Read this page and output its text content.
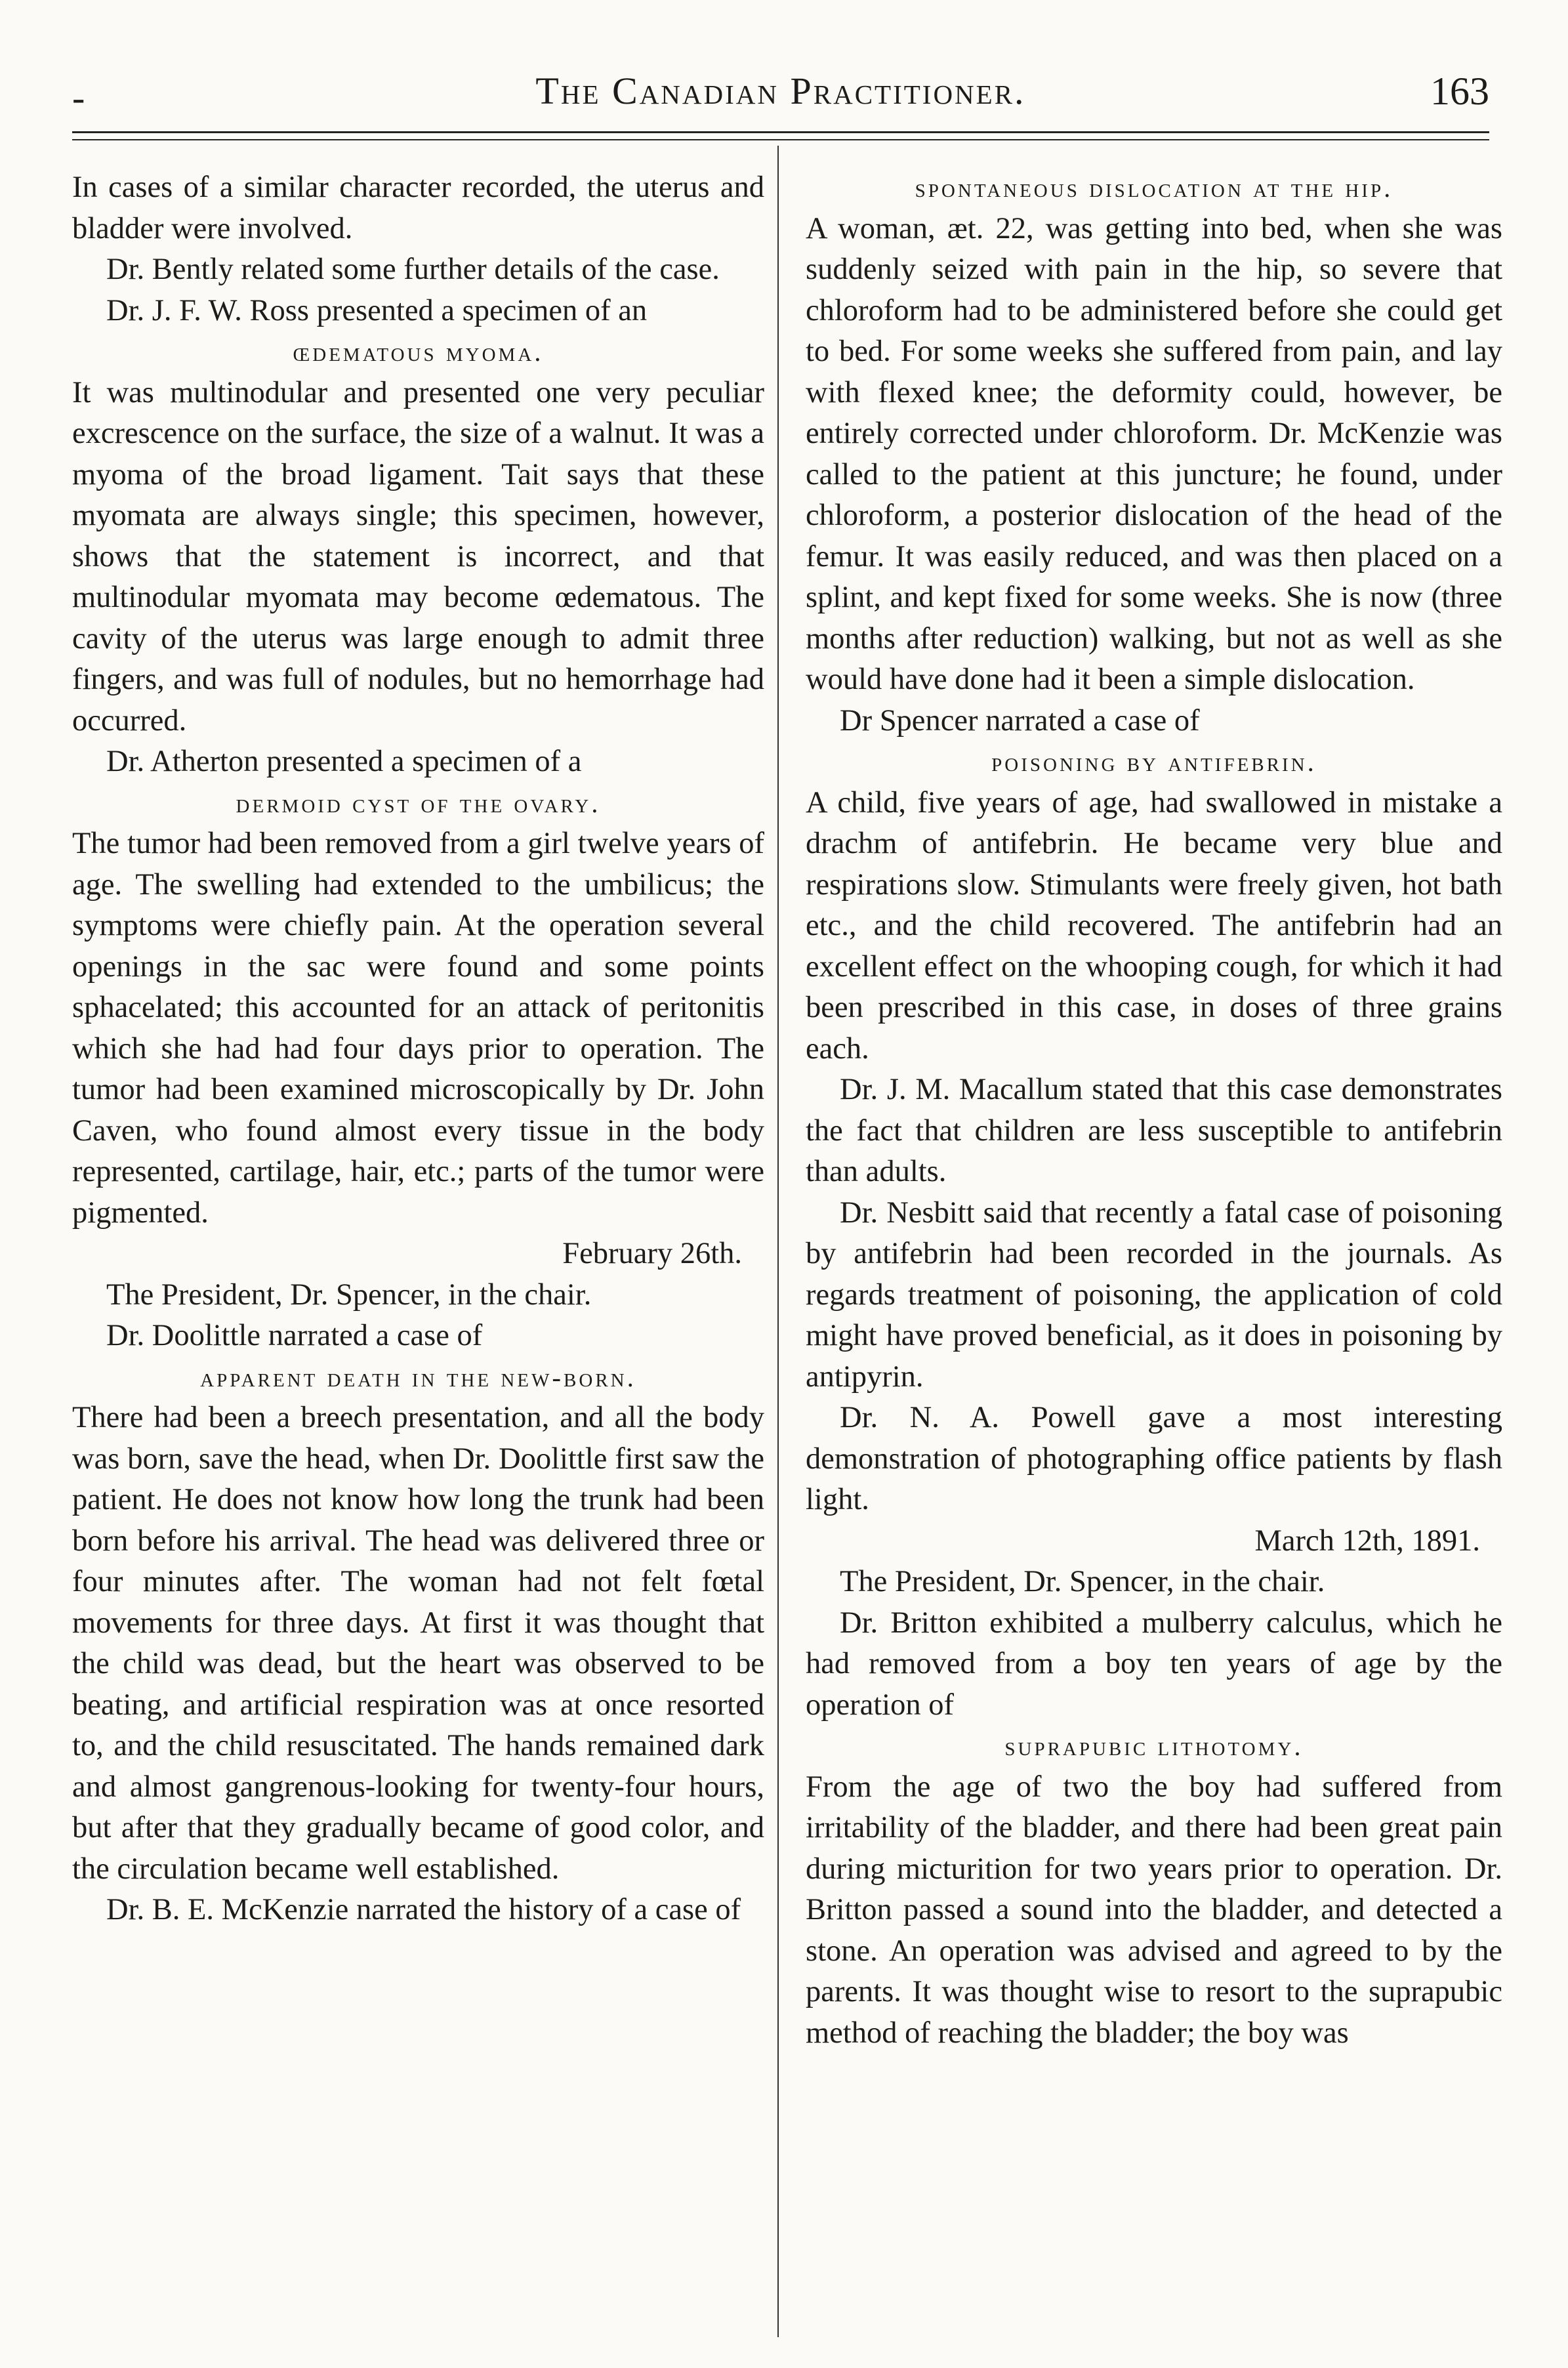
-	The Canadian Practitioner.	163

In cases of a similar character recorded, the uterus and bladder were involved.

Dr. Bently related some further details of the case.

Dr. J. F. W. Ross presented a specimen of an

œdematous myoma.

It was multinodular and presented one very peculiar excrescence on the surface, the size of a walnut. It was a myoma of the broad ligament. Tait says that these myomata are always single; this specimen, however, shows that the statement is incorrect, and that multinodular myomata may become œdematous. The cavity of the uterus was large enough to admit three fingers, and was full of nodules, but no hemorrhage had occurred.

Dr. Atherton presented a specimen of a

dermoid cyst of the ovary.

The tumor had been removed from a girl twelve years of age. The swelling had extended to the umbilicus; the symptoms were chiefly pain. At the operation several openings in the sac were found and some points sphacelated; this accounted for an attack of peritonitis which she had had four days prior to operation. The tumor had been examined microscopically by Dr. John Caven, who found almost every tissue in the body represented, cartilage, hair, etc.; parts of the tumor were pigmented.

February 26th.

The President, Dr. Spencer, in the chair.

Dr. Doolittle narrated a case of

apparent death in the new-born.

There had been a breech presentation, and all the body was born, save the head, when Dr. Doolittle first saw the patient. He does not know how long the trunk had been born before his arrival. The head was delivered three or four minutes after. The woman had not felt fœtal movements for three days. At first it was thought that the child was dead, but the heart was observed to be beating, and artificial respiration was at once resorted to, and the child resuscitated. The hands remained dark and almost gangrenous-looking for twenty-four hours, but after that they gradually became of good color, and the circulation became well established.

Dr. B. E. McKenzie narrated the history of a case of

spontaneous dislocation at the hip.

A woman, æt. 22, was getting into bed, when she was suddenly seized with pain in the hip, so severe that chloroform had to be administered before she could get to bed. For some weeks she suffered from pain, and lay with flexed knee; the deformity could, however, be entirely corrected under chloroform. Dr. McKenzie was called to the patient at this juncture; he found, under chloroform, a posterior dislocation of the head of the femur. It was easily reduced, and was then placed on a splint, and kept fixed for some weeks. She is now (three months after reduction) walking, but not as well as she would have done had it been a simple dislocation.

Dr Spencer narrated a case of

poisoning by antifebrin.

A child, five years of age, had swallowed in mistake a drachm of antifebrin. He became very blue and respirations slow. Stimulants were freely given, hot bath etc., and the child recovered. The antifebrin had an excellent effect on the whooping cough, for which it had been prescribed in this case, in doses of three grains each.

Dr. J. M. Macallum stated that this case demonstrates the fact that children are less susceptible to antifebrin than adults.

Dr. Nesbitt said that recently a fatal case of poisoning by antifebrin had been recorded in the journals. As regards treatment of poisoning, the application of cold might have proved beneficial, as it does in poisoning by antipyrin.

Dr. N. A. Powell gave a most interesting demonstration of photographing office patients by flash light.

March 12th, 1891.

The President, Dr. Spencer, in the chair.

Dr. Britton exhibited a mulberry calculus, which he had removed from a boy ten years of age by the operation of

suprapubic lithotomy.

From the age of two the boy had suffered from irritability of the bladder, and there had been great pain during micturition for two years prior to operation. Dr. Britton passed a sound into the bladder, and detected a stone. An operation was advised and agreed to by the parents. It was thought wise to resort to the suprapubic method of reaching the bladder; the boy was
